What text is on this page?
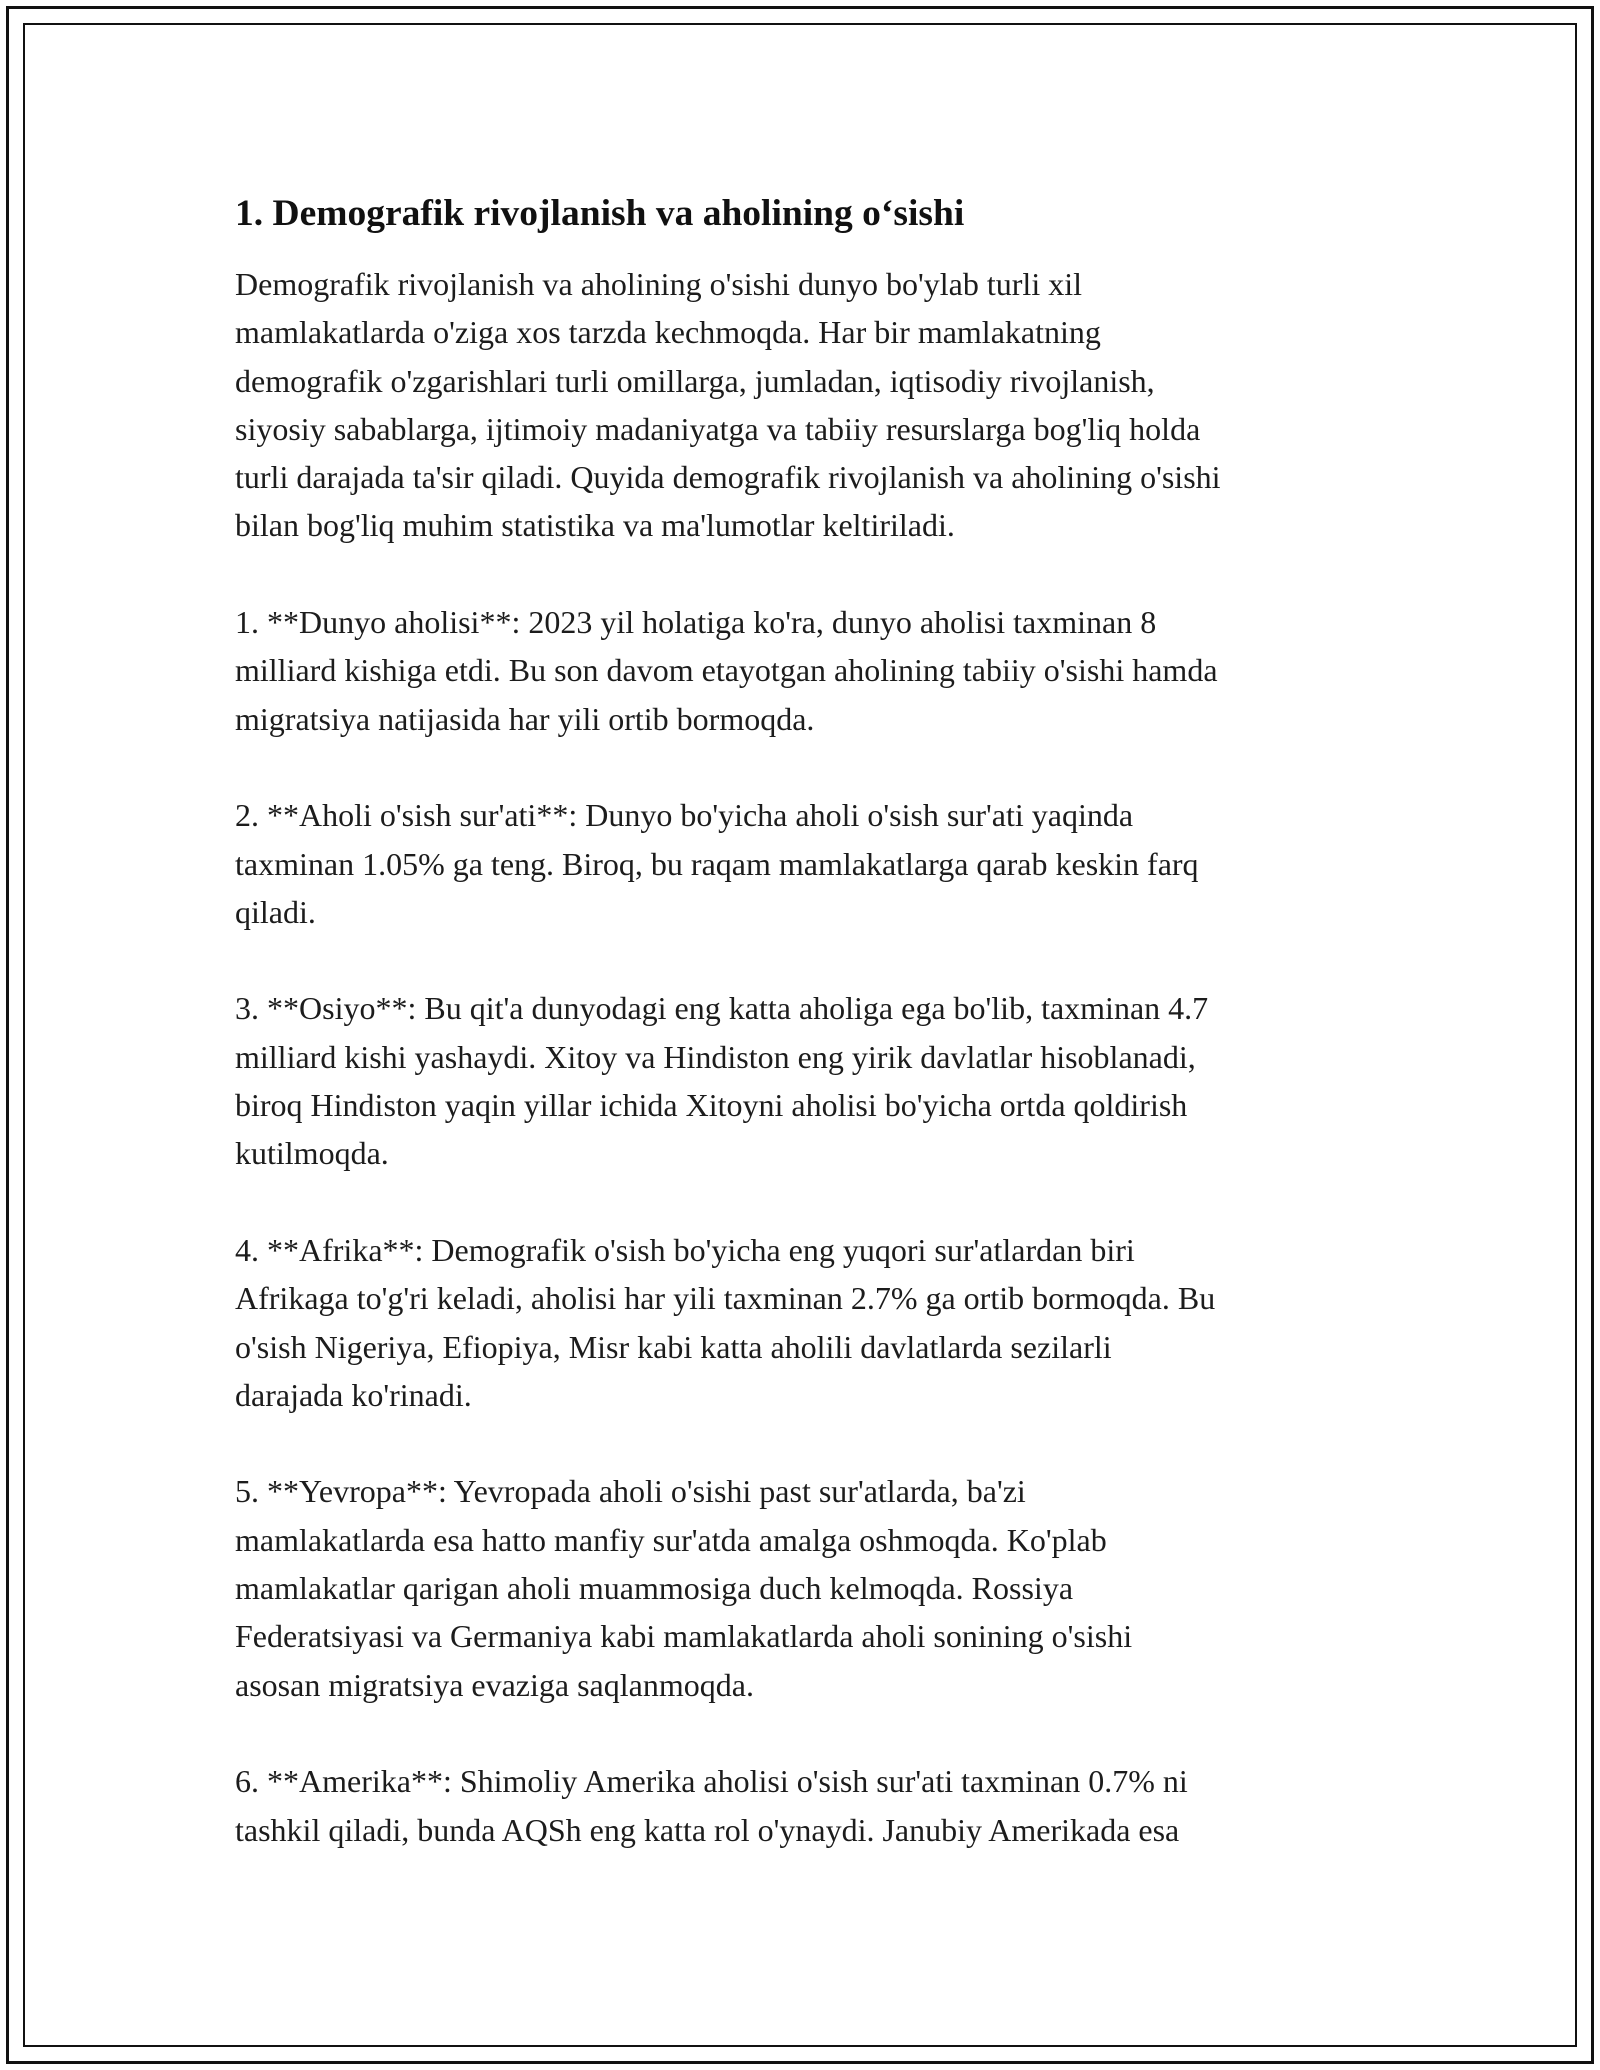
1. Demografik rivojlanish va aholining o‘sishi

Demografik rivojlanish va aholining o'sishi dunyo bo'ylab turli xil
mamlakatlarda o'ziga xos tarzda kechmoqda. Har bir mamlakatning
demografik o'zgarishlari turli omillarga, jumladan, iqtisodiy rivojlanish,
siyosiy sabablarga, ijtimoiy madaniyatga va tabiiy resurslarga bog'liq holda
turli darajada ta'sir qiladi. Quyida demografik rivojlanish va aholining o'sishi
bilan bog'liq muhim statistika va ma'lumotlar keltiriladi.

1. **Dunyo aholisi**: 2023 yil holatiga ko'ra, dunyo aholisi taxminan 8
milliard kishiga etdi. Bu son davom etayotgan aholining tabiiy o'sishi hamda
migratsiya natijasida har yili ortib bormoqda.

2. **Aholi o'sish sur'ati**: Dunyo bo'yicha aholi o'sish sur'ati yaqinda
taxminan 1.05% ga teng. Biroq, bu raqam mamlakatlarga qarab keskin farq
qiladi.

3. **Osiyo**: Bu qit'a dunyodagi eng katta aholiga ega bo'lib, taxminan 4.7
milliard kishi yashaydi. Xitoy va Hindiston eng yirik davlatlar hisoblanadi,
biroq Hindiston yaqin yillar ichida Xitoyni aholisi bo'yicha ortda qoldirish
kutilmoqda.

4. **Afrika**: Demografik o'sish bo'yicha eng yuqori sur'atlardan biri
Afrikaga to'g'ri keladi, aholisi har yili taxminan 2.7% ga ortib bormoqda. Bu
o'sish Nigeriya, Efiopiya, Misr kabi katta aholili davlatlarda sezilarli
darajada ko'rinadi.

5. **Yevropa**: Yevropada aholi o'sishi past sur'atlarda, ba'zi
mamlakatlarda esa hatto manfiy sur'atda amalga oshmoqda. Ko'plab
mamlakatlar qarigan aholi muammosiga duch kelmoqda. Rossiya
Federatsiyasi va Germaniya kabi mamlakatlarda aholi sonining o'sishi
asosan migratsiya evaziga saqlanmoqda.

6. **Amerika**: Shimoliy Amerika aholisi o'sish sur'ati taxminan 0.7% ni
tashkil qiladi, bunda AQSh eng katta rol o'ynaydi. Janubiy Amerikada esa
